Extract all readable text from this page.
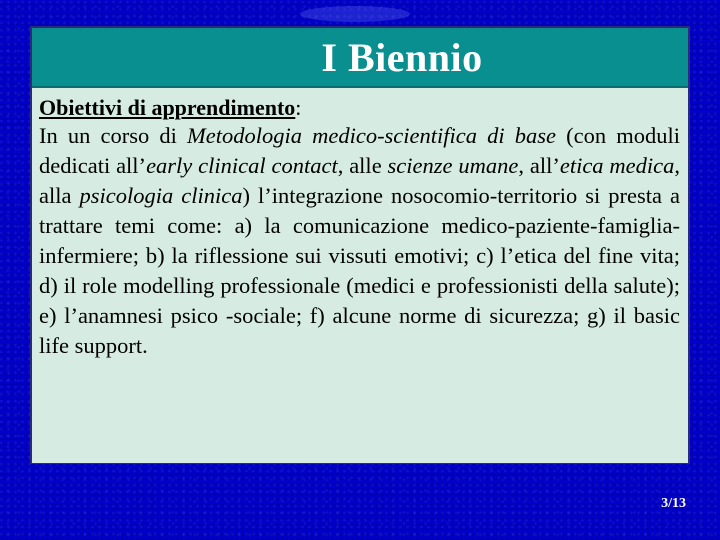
I Biennio
Obiettivi di apprendimento:

In un corso di Metodologia medico-scientifica di base (con moduli dedicati all’early clinical contact, alle scienze umane, all’etica medica, alla psicologia clinica) l’integrazione nosocomio-territorio si presta a trattare temi come: a) la comunicazione medico-paziente-famiglia-infermiere; b) la riflessione sui vissuti emotivi; c) l’etica del fine vita; d) il role modelling professionale (medici e professionisti della salute); e) l’anamnesi psico -sociale; f) alcune norme di sicurezza; g) il basic life support.

3/13
